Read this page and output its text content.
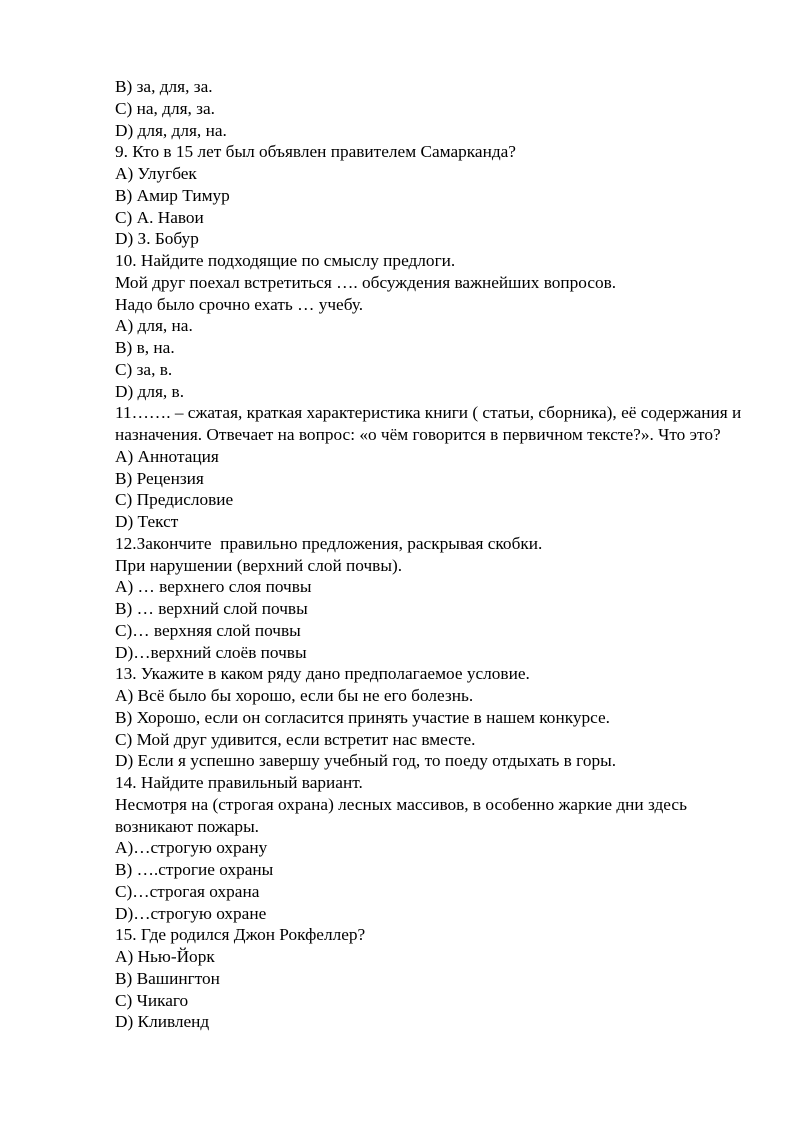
B) за, для, за.

C) на, для, за.

D) для, для, на.

9. Кто в 15 лет был объявлен правителем Самарканда?

A) Улугбек

B) Амир Тимур

C) А. Навои

D) З. Бобур

10. Найдите подходящие по смыслу предлоги.

Мой друг поехал встретиться …. обсуждения важнейших вопросов.

Надо было срочно ехать … учебу.

A) для, на.

B) в, на.

C) за, в.

D) для, в.

11……. – сжатая, краткая характеристика книги ( статьи, сборника), её содержания и назначения. Отвечает на вопрос: «о чём говорится в первичном тексте?». Что это?

A) Аннотация

B) Рецензия

C) Предисловие

D) Текст

12.Закончите  правильно предложения, раскрывая скобки.

При нарушении (верхний слой почвы).

A) … верхнего слоя почвы

B) … верхний слой почвы

C)… верхняя слой почвы

D)…верхний слоёв почвы

13. Укажите в каком ряду дано предполагаемое условие.

A) Всё было бы хорошо, если бы не его болезнь.

B) Хорошо, если он согласится принять участие в нашем конкурсе.

C) Мой друг удивится, если встретит нас вместе.

D) Если я успешно завершу учебный год, то поеду отдыхать в горы.

14. Найдите правильный вариант.

Несмотря на (строгая охрана) лесных массивов, в особенно жаркие дни здесь возникают пожары.

A)…строгую охрану

B) ….строгие охраны

C)…строгая охрана

D)…строгую охране

15. Где родился Джон Рокфеллер?

A) Нью-Йорк

B) Вашингтон

C) Чикаго

D) Кливленд
